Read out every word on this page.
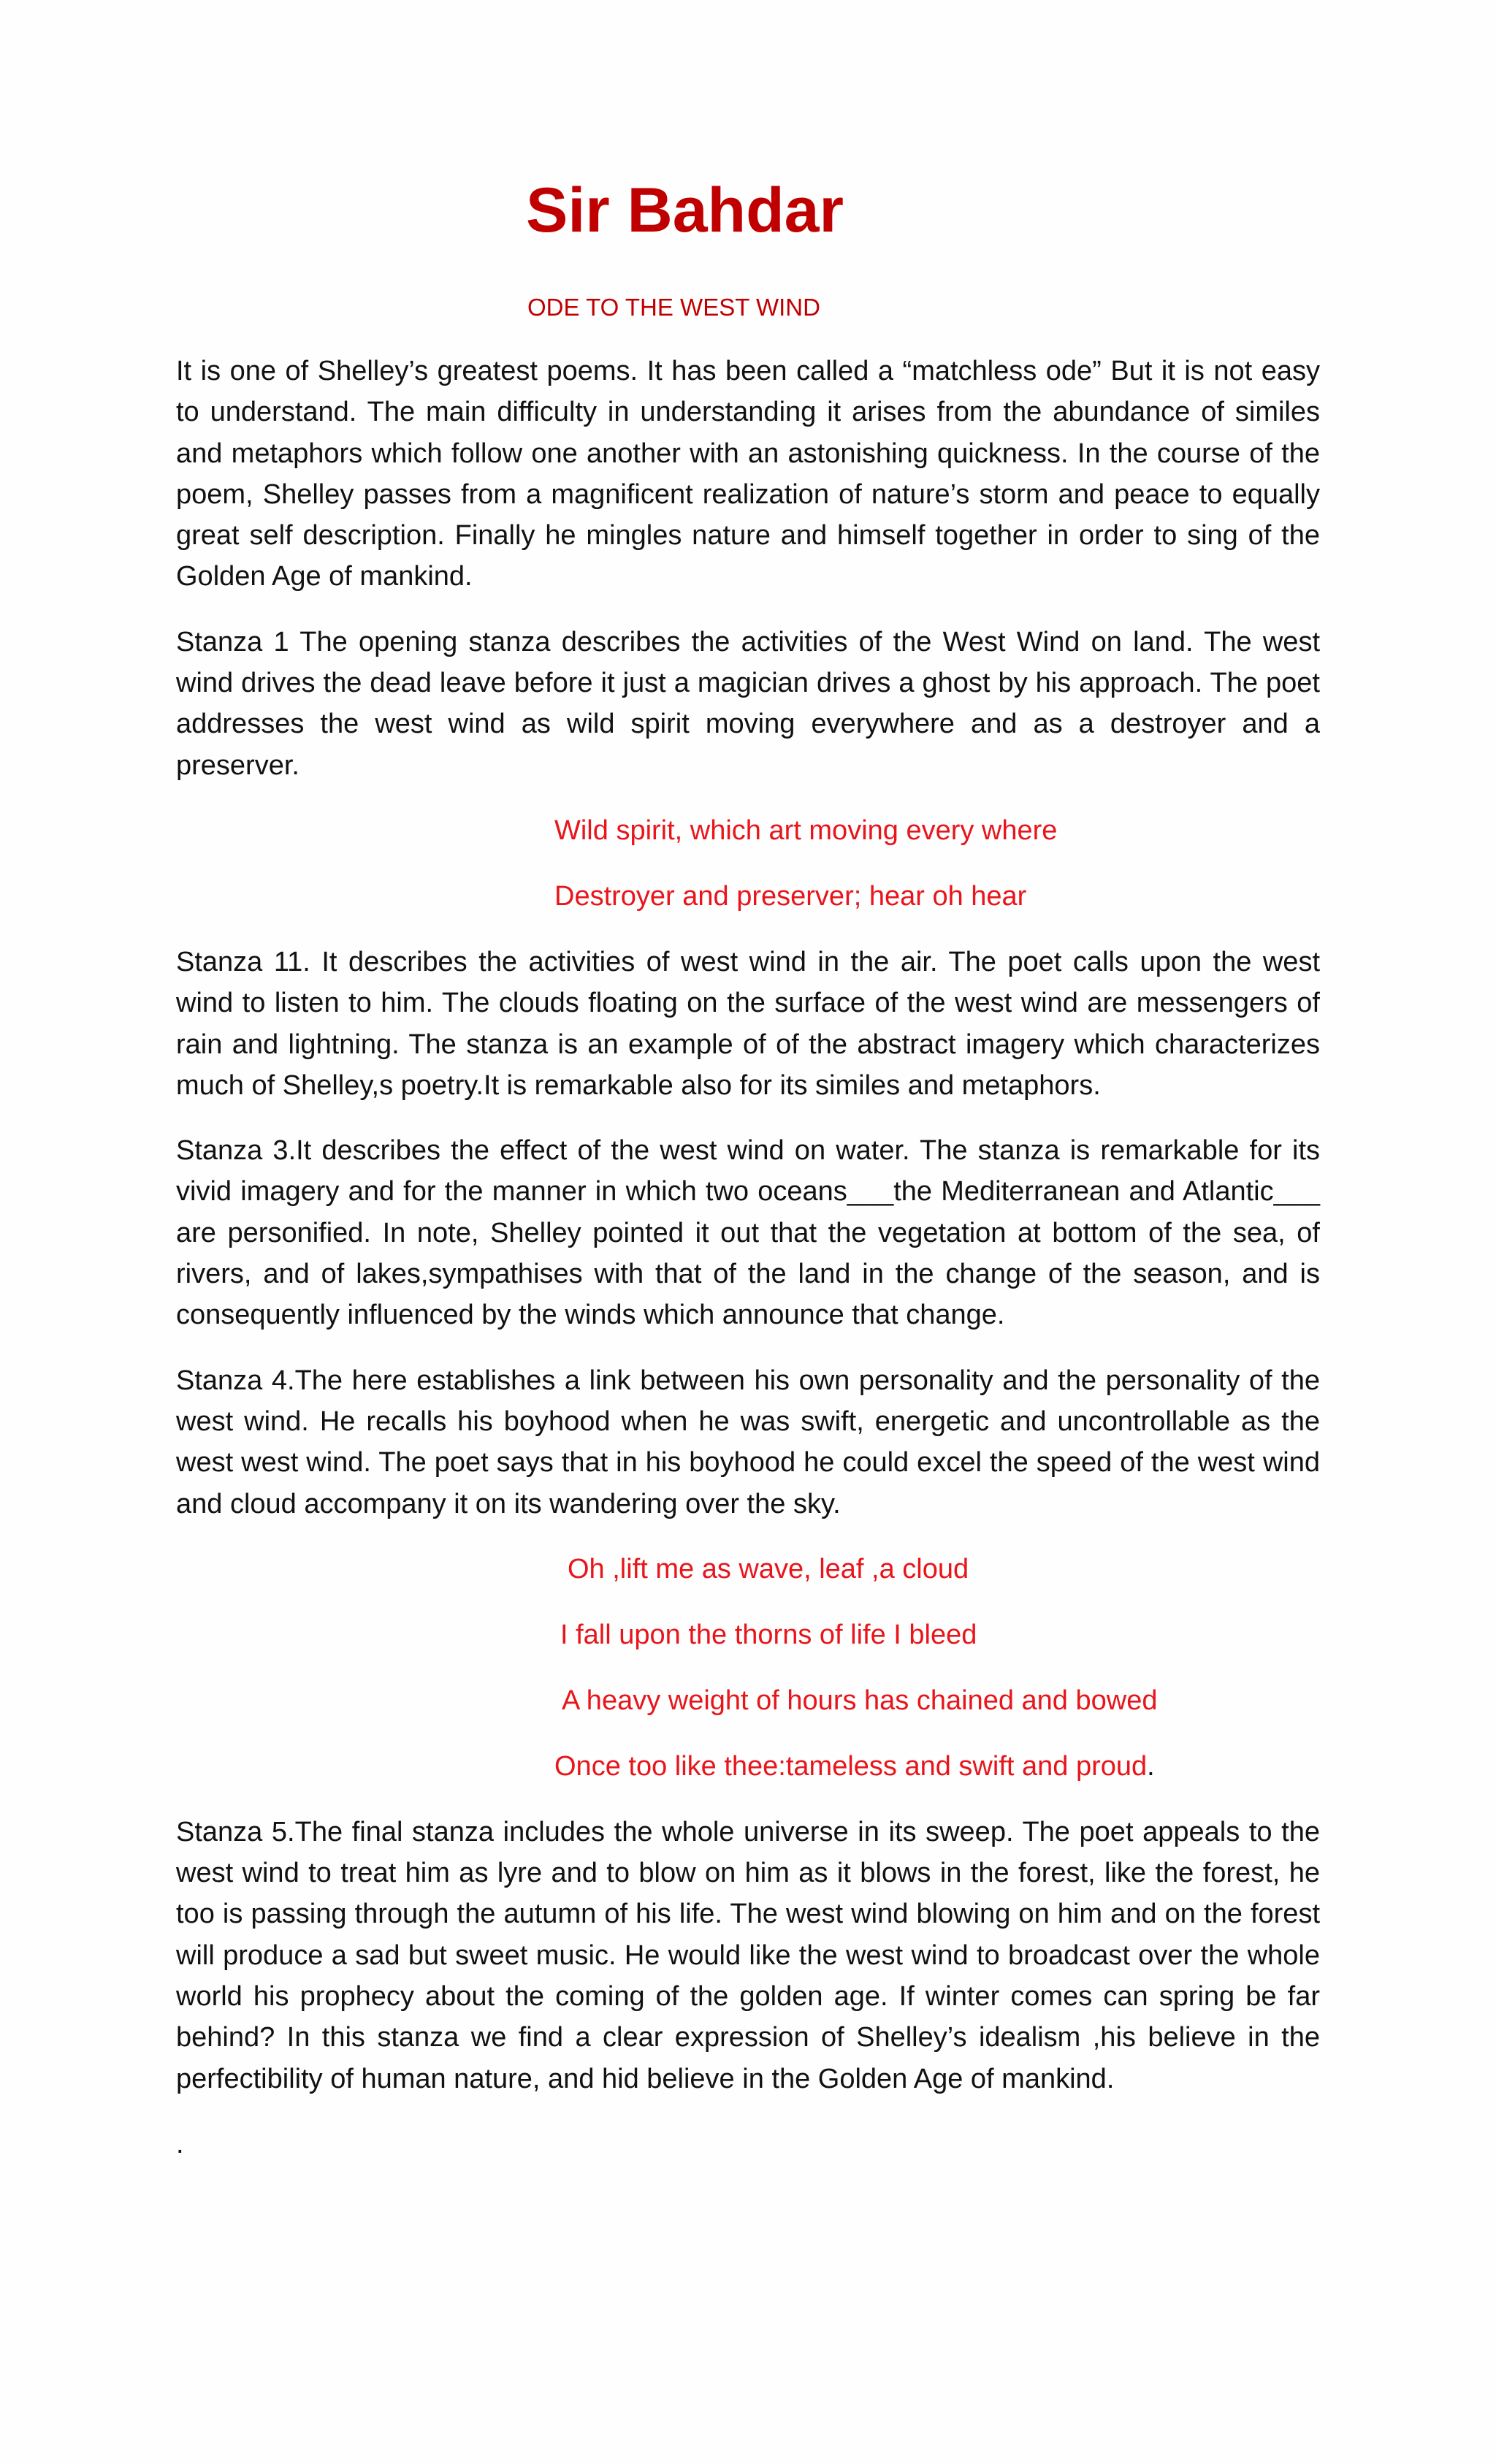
Sir Bahdar
ODE TO THE WEST WIND

It is one of Shelley’s greatest poems. It has been called a “matchless ode” But it is not easy to understand. The main difficulty in understanding it arises from the abundance of similes and metaphors which follow one another with an astonishing quickness. In the course of the poem, Shelley passes from a magnificent realization of nature’s storm and peace to equally great self description. Finally he mingles nature and himself together in order to sing of the Golden Age of mankind.

Stanza 1 The opening stanza describes the activities of the West Wind on land. The west wind drives the dead leave before it just a magician drives a ghost by his approach. The poet addresses the west wind as wild spirit moving everywhere and as a destroyer and a preserver.

Wild spirit, which art moving every where
Destroyer and preserver; hear oh hear

Stanza 11. It describes the activities of west wind in the air. The poet calls upon the west wind to listen to him. The clouds floating on the surface of the west wind are messengers of rain and lightning. The stanza is an example of of the abstract imagery which characterizes much of Shelley,s poetry.It is remarkable also for its similes and metaphors.

Stanza 3.It describes the effect of the west wind on water. The stanza is remarkable for its vivid imagery and for the manner in which two oceans___the Mediterranean and Atlantic___ are personified. In note, Shelley pointed it out that the vegetation at bottom of the sea, of rivers, and of lakes,sympathises with that of the land in the change of the season, and is consequently influenced by the winds which announce that change.

Stanza 4.The here establishes a link between his own personality and the personality of the west wind. He recalls his boyhood when he was swift, energetic and uncontrollable as the west west wind. The poet says that in his boyhood he could excel the speed of the west wind and cloud accompany it on its wandering over the sky.

Oh ,lift me as wave, leaf ,a cloud
I fall upon the thorns of life I bleed
A heavy weight of hours has chained and bowed
Once too like thee:tameless and swift and proud.

Stanza 5.The final stanza includes the whole universe in its sweep. The poet appeals to the west wind to treat him as lyre and to blow on him as it blows in the forest, like the forest, he too is passing through the autumn of his life. The west wind blowing on him and on the forest will produce a sad but sweet music. He would like the west wind to broadcast over the whole world his prophecy about the coming of the golden age. If winter comes can spring be far behind? In this stanza we find a clear expression of Shelley’s idealism ,his believe in the perfectibility of human nature, and hid believe in the Golden Age of mankind.

.
